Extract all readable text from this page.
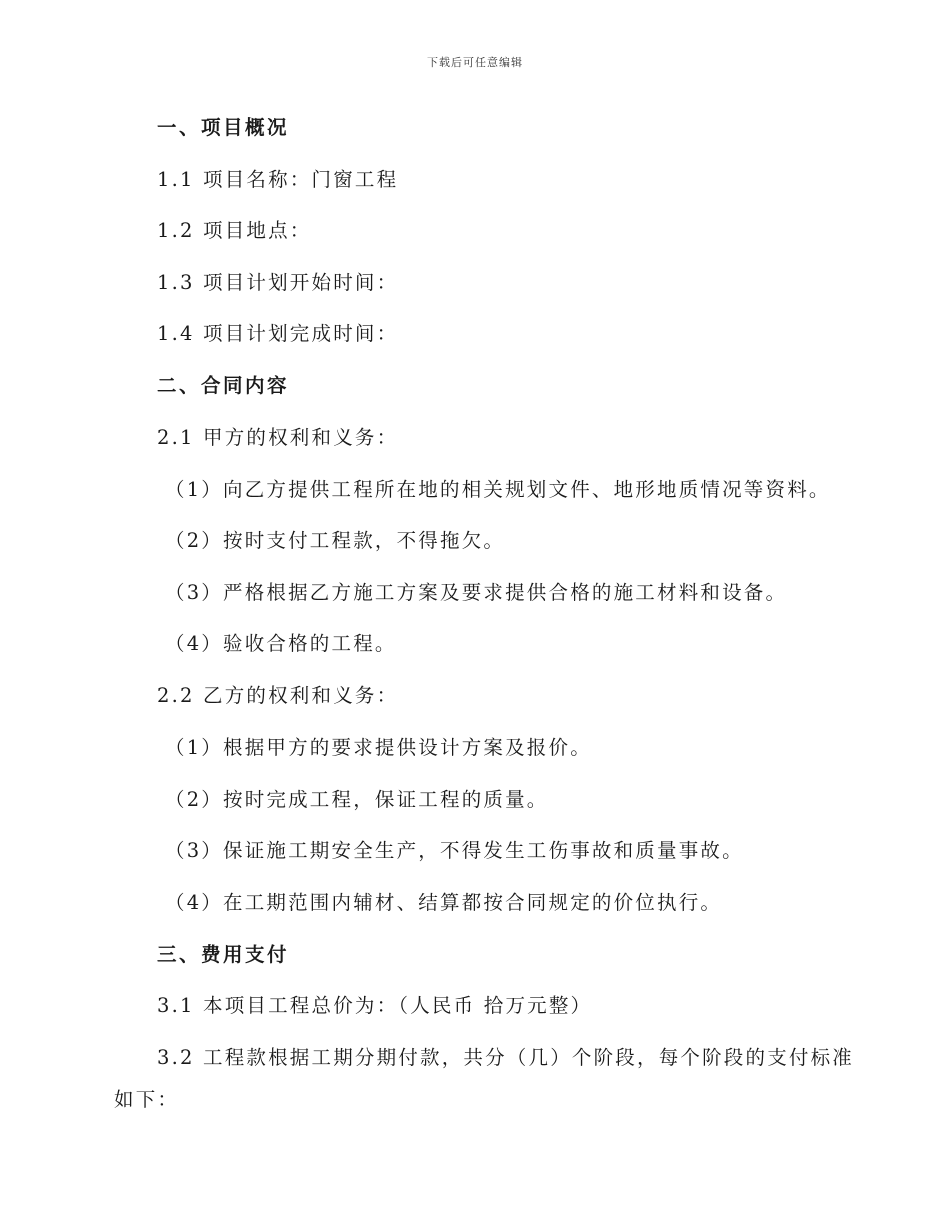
下载后可任意编辑
一、项目概况
1.1 项目名称：门窗工程
1.2 项目地点：
1.3 项目计划开始时间：
1.4 项目计划完成时间：
二、合同内容
2.1 甲方的权利和义务：
（1）向乙方提供工程所在地的相关规划文件、地形地质情况等资料。
（2）按时支付工程款，不得拖欠。
（3）严格根据乙方施工方案及要求提供合格的施工材料和设备。
（4）验收合格的工程。
2.2 乙方的权利和义务：
（1）根据甲方的要求提供设计方案及报价。
（2）按时完成工程，保证工程的质量。
（3）保证施工期安全生产，不得发生工伤事故和质量事故。
（4）在工期范围内辅材、结算都按合同规定的价位执行。
三、费用支付
3.1 本项目工程总价为：（人民币 拾万元整）
3.2 工程款根据工期分期付款，共分（几）个阶段，每个阶段的支付标准
如下：
